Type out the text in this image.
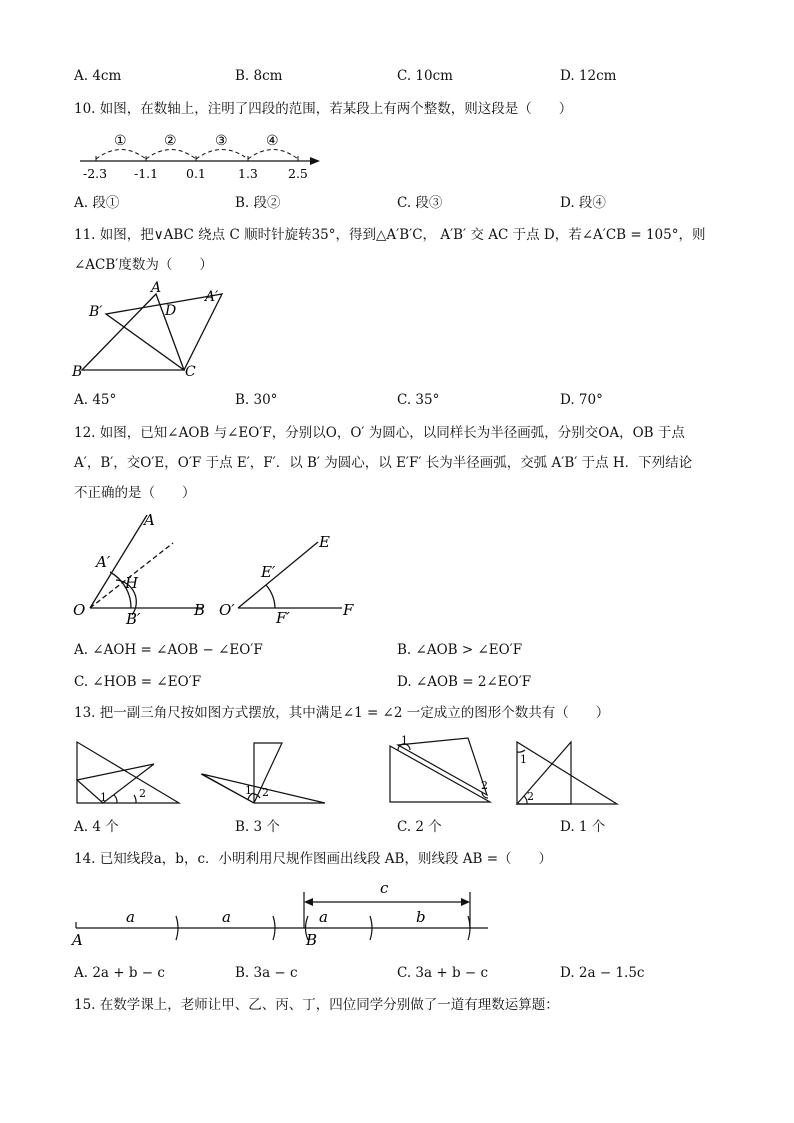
A. 4cm	B. 8cm	C. 10cm	D. 12cm
10. 如图，在数轴上，注明了四段的范围，若某段上有两个整数，则这段是（　　）
①	②	③	④
-2.3 -1.1 0.1	1.3 2.5
A. 段①	B. 段②	C. 段③	D. 段④
11. 如图，把∨ABC 绕点 C 顺时针旋转35°，得到△A′B′C， A′B′ 交 AC 于点 D，若∠A′CB = 105°，则
∠ACB′度数为（　　）
B	C
A
A′
B′	D
A. 45°	B. 30°	C. 35°	D. 70°
12. 如图，已知∠AOB 与∠EO′F，分别以O，O′ 为圆心，以同样长为半径画弧，分别交OA，OB 于点
A′，B′，交O′E，O′F 于点 E′，F′．以 B′ 为圆心，以 E′F′ 长为半径画弧，交弧 A′B′ 于点 H．下列结论
不正确的是（　　）
O
A
A′
H
B′	B O′
E
E′
F′	F
A. ∠AOH = ∠AOB − ∠EO′F	B. ∠AOB > ∠EO′F
C. ∠HOB = ∠EO′F	D. ∠AOB = 2∠EO′F
13. 把一副三角尺按如图方式摆放，其中满足∠1 = ∠2 一定成立的图形个数共有（　　）
1	2	1 2
1
2
1
2
A. 4 个	B. 3 个	C. 2 个	D. 1 个
14. 已知线段a，b，c．小明利用尺规作图画出线段 AB，则线段 AB =（　　）
c
a	a	a	b
A	B
A. 2a + b − c	B. 3a − c	C. 3a + b − c	D. 2a − 1.5c
15. 在数学课上，老师让甲、乙、丙、丁，四位同学分别做了一道有理数运算题：
